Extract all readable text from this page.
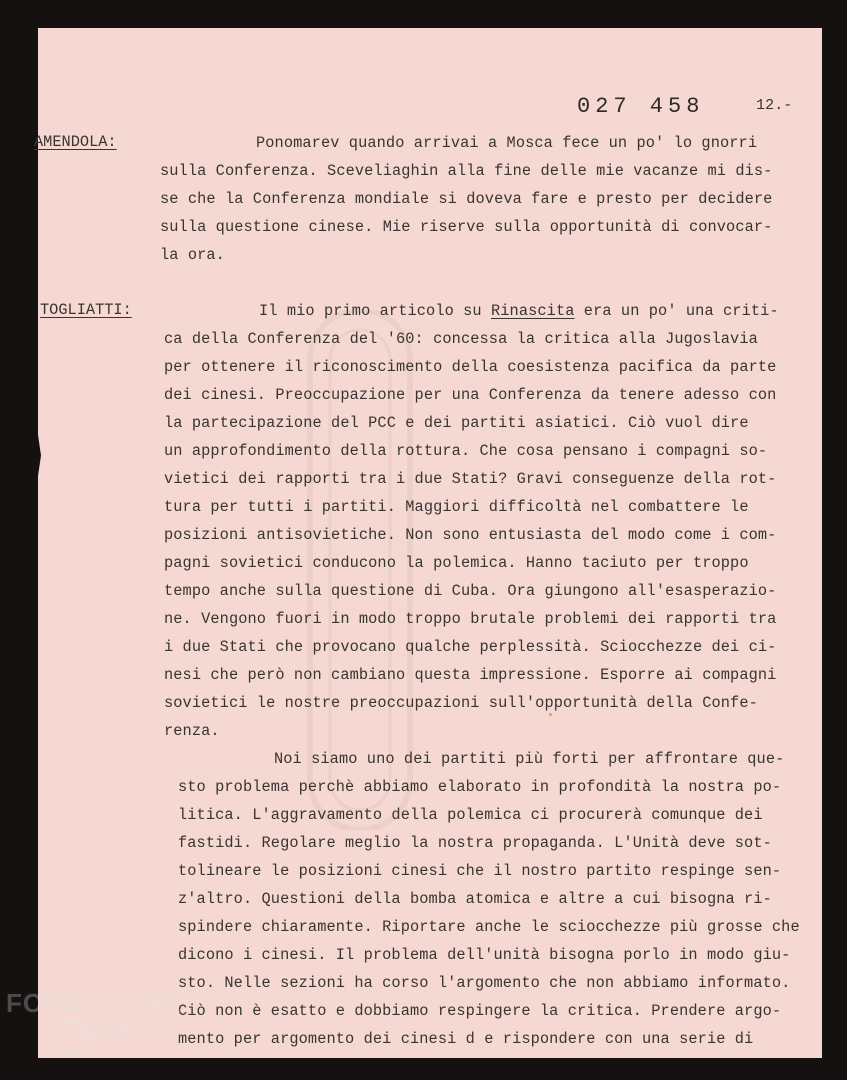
027 458	12.-
AMENDOLA:	Ponomarev quando arrivai a Mosca fece un po' lo gnorri
sulla Conferenza. Sceveliaghin alla fine delle mie vacanze mi dis-
se che la Conferenza mondiale si doveva fare e presto per decidere
sulla questione cinese. Mie riserve sulla opportunità di convocar-
la ora.
TOGLIATTI:	Il mio primo articolo su Rinascita era un po' una criti-
ca della Conferenza del '60: concessa la critica alla Jugoslavia
per ottenere il riconoscimento della coesistenza pacifica da parte
dei cinesi. Preoccupazione per una Conferenza da tenere adesso con
la partecipazione del PCC e dei partiti asiatici. Ciò vuol dire
un approfondimento della rottura. Che cosa pensano i compagni so-
vietici dei rapporti tra i due Stati? Gravi conseguenze della rot-
tura per tutti i partiti. Maggiori difficoltà nel combattere le
posizioni antisovietiche. Non sono entusiasta del modo come i com-
pagni sovietici conducono la polemica. Hanno taciuto per troppo
tempo anche sulla questione di Cuba. Ora giungono all'esasperazio-
ne. Vengono fuori in modo troppo brutale problemi dei rapporti tra
i due Stati che provocano qualche perplessità. Sciocchezze dei ci-
nesi che però non cambiano questa impressione. Esporre ai compagni
sovietici le nostre preoccupazioni sull'opportunità della Confe-
renza.
Noi siamo uno dei partiti più forti per affrontare que-
sto problema perchè abbiamo elaborato in profondità la nostra po-
litica. L'aggravamento della polemica ci procurerà comunque dei
fastidi. Regolare meglio la nostra propaganda. L'Unità deve sot-
tolineare le posizioni cinesi che il nostro partito respinge sen-
z'altro. Questioni della bomba atomica e altre a cui bisogna ri-
spindere chiaramente. Riportare anche le sciocchezze più grosse che
dicono i cinesi. Il problema dell'unità bisogna porlo in modo giu-
sto. Nelle sezioni ha corso l'argomento che non abbiamo informato.
Ciò non è esatto e dobbiamo respingere la critica. Prendere argo-
mento per argomento dei cinesi d e rispondere con una serie di
FONDAZIONE
RAMSCI
